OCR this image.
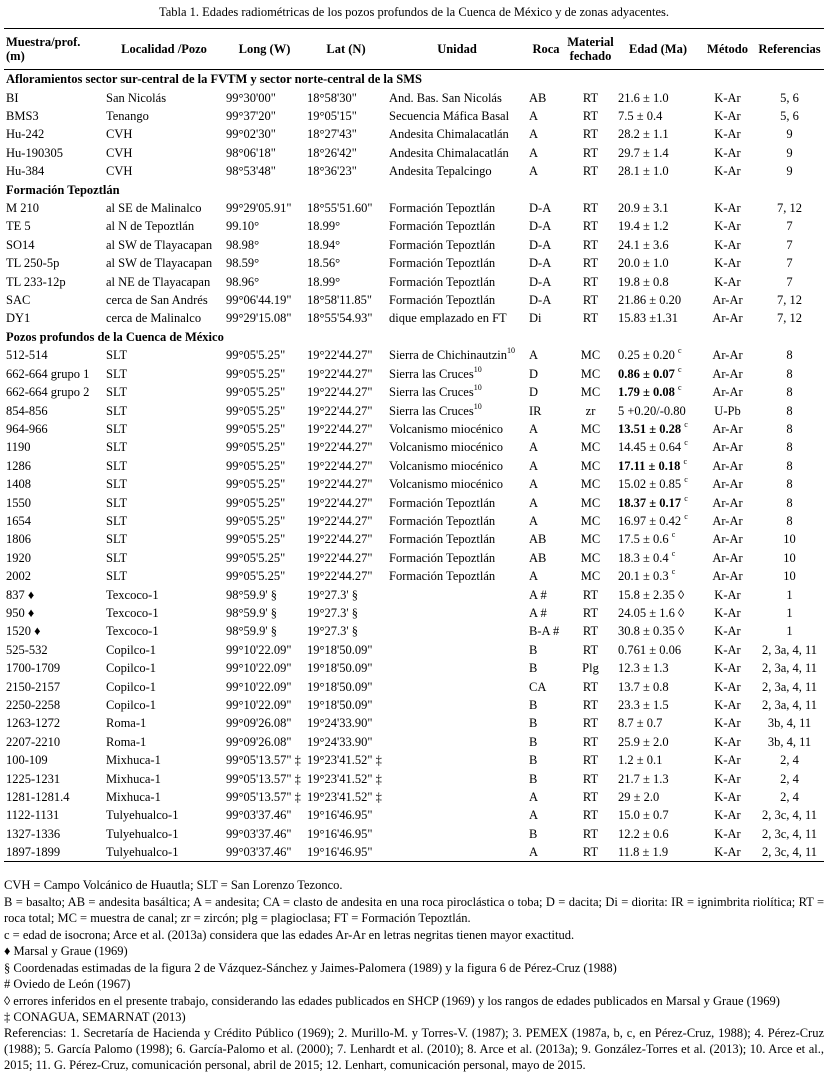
Tabla 1. Edades radiométricas de los pozos profundos de la Cuenca de México y de zonas adyacentes.
Muestra/prof. (m)	Localidad /Pozo	Long (W)	Lat (N)	Unidad	Roca	Material fechado	Edad (Ma)	Método	Referencias
Afloramientos sector sur-central de la FVTM y sector norte-central de la SMS									
BI	San Nicolás	99°30'00"	18°58'30"	And. Bas. San Nicolás	AB	RT	21.6 ± 1.0	K-Ar	5, 6
BMS3	Tenango	99°37'20"	19°05'15"	Secuencia Máfica Basal	A	RT	7.5 ± 0.4	K-Ar	5, 6
Hu-242	CVH	99°02'30"	18°27'43"	Andesita Chimalacatlán	A	RT	28.2 ± 1.1	K-Ar	9
Hu-190305	CVH	98°06'18"	18°26'42"	Andesita Chimalacatlán	A	RT	29.7 ± 1.4	K-Ar	9
Hu-384	CVH	98°53'48"	18°36'23"	Andesita Tepalcingo	A	RT	28.1 ± 1.0	K-Ar	9
Formación Tepoztlán									
M 210	al SE de Malinalco	99°29'05.91"	18°55'51.60"	Formación Tepoztlán	D-A	RT	20.9 ± 3.1	K-Ar	7, 12
TE 5	al N de Tepoztlán	99.10°	18.99°	Formación Tepoztlán	D-A	RT	19.4 ± 1.2	K-Ar	7
SO14	al SW de Tlayacapan	98.98°	18.94°	Formación Tepoztlán	D-A	RT	24.1 ± 3.6	K-Ar	7
TL 250-5p	al SW de Tlayacapan	98.59°	18.56°	Formación Tepoztlán	D-A	RT	20.0 ± 1.0	K-Ar	7
TL 233-12p	al NE de Tlayacapan	98.96°	18.99°	Formación Tepoztlán	D-A	RT	19.8 ± 0.8	K-Ar	7
SAC	cerca de San Andrés	99°06'44.19"	18°58'11.85"	Formación Tepoztlán	D-A	RT	21.86 ± 0.20	Ar-Ar	7, 12
DY1	cerca de Malinalco	99°29'15.08"	18°55'54.93"	dique emplazado en FT	Di	RT	15.83 ±1.31	Ar-Ar	7, 12
Pozos profundos de la Cuenca de México									
512-514	SLT	99°05'5.25"	19°22'44.27"	Sierra de Chichinautzin$^{10}$	A	MC	0.25 ± 0.20 $^c$	Ar-Ar	8
662-664 grupo 1	SLT	99°05'5.25"	19°22'44.27"	Sierra las Cruces$^{10}$	D	MC	0.86 ± 0.07 $^c$	Ar-Ar	8
662-664 grupo 2	SLT	99°05'5.25"	19°22'44.27"	Sierra las Cruces$^{10}$	D	MC	1.79 ± 0.08 $^c$	Ar-Ar	8
854-856	SLT	99°05'5.25"	19°22'44.27"	Sierra las Cruces$^{10}$	IR	zr	5 +0.20/-0.80	U-Pb	8
964-966	SLT	99°05'5.25"	19°22'44.27"	Volcanismo miocénico	A	MC	13.51 ± 0.28 $^c$	Ar-Ar	8
1190	SLT	99°05'5.25"	19°22'44.27"	Volcanismo miocénico	A	MC	14.45 ± 0.64 $^c$	Ar-Ar	8
1286	SLT	99°05'5.25"	19°22'44.27"	Volcanismo miocénico	A	MC	17.11 ± 0.18 $^c$	Ar-Ar	8
1408	SLT	99°05'5.25"	19°22'44.27"	Volcanismo miocénico	A	MC	15.02 ± 0.85 $^c$	Ar-Ar	8
1550	SLT	99°05'5.25"	19°22'44.27"	Formación Tepoztlán	A	MC	18.37 ± 0.17 $^c$	Ar-Ar	8
1654	SLT	99°05'5.25"	19°22'44.27"	Formación Tepoztlán	A	MC	16.97 ± 0.42 $^c$	Ar-Ar	8
1806	SLT	99°05'5.25"	19°22'44.27"	Formación Tepoztlán	AB	MC	17.5 ± 0.6 $^c$	Ar-Ar	10
1920	SLT	99°05'5.25"	19°22'44.27"	Formación Tepoztlán	AB	MC	18.3 ± 0.4 $^c$	Ar-Ar	10
2002	SLT	99°05'5.25"	19°22'44.27"	Formación Tepoztlán	A	MC	20.1 ± 0.3 $^c$	Ar-Ar	10
837 ♦	Texcoco-1	98°59.9' §	19°27.3' §		A #	RT	15.8 ± 2.35 ◊	K-Ar	1
950 ♦	Texcoco-1	98°59.9' §	19°27.3' §		A #	RT	24.05 ± 1.6 ◊	K-Ar	1
1520 ♦	Texcoco-1	98°59.9' §	19°27.3' §		B-A #	RT	30.8 ± 0.35 ◊	K-Ar	1
525-532	Copilco-1	99°10'22.09"	19°18'50.09"		B	RT	0.761 ± 0.06	K-Ar	2, 3a, 4, 11
1700-1709	Copilco-1	99°10'22.09"	19°18'50.09"		B	Plg	12.3 ± 1.3	K-Ar	2, 3a, 4, 11
2150-2157	Copilco-1	99°10'22.09"	19°18'50.09"		CA	RT	13.7 ± 0.8	K-Ar	2, 3a, 4, 11
2250-2258	Copilco-1	99°10'22.09"	19°18'50.09"		B	RT	23.3 ± 1.5	K-Ar	2, 3a, 4, 11
1263-1272	Roma-1	99°09'26.08"	19°24'33.90"		B	RT	8.7 ± 0.7	K-Ar	3b, 4, 11
2207-2210	Roma-1	99°09'26.08"	19°24'33.90"		B	RT	25.9 ± 2.0	K-Ar	3b, 4, 11
100-109	Mixhuca-1	99°05'13.57" ‡	19°23'41.52" ‡		B	RT	1.2 ± 0.1	K-Ar	2, 4
1225-1231	Mixhuca-1	99°05'13.57" ‡	19°23'41.52" ‡		B	RT	21.7 ± 1.3	K-Ar	2, 4
1281-1281.4	Mixhuca-1	99°05'13.57" ‡	19°23'41.52" ‡		A	RT	29 ± 2.0	K-Ar	2, 4
1122-1131	Tulyehualco-1	99°03'37.46"	19°16'46.95"		A	RT	15.0 ± 0.7	K-Ar	2, 3c, 4, 11
1327-1336	Tulyehualco-1	99°03'37.46"	19°16'46.95"		B	RT	12.2 ± 0.6	K-Ar	2, 3c, 4, 11
1897-1899	Tulyehualco-1	99°03'37.46"	19°16'46.95"		A	RT	11.8 ± 1.9	K-Ar	2, 3c, 4, 11
CVH = Campo Volcánico de Huautla; SLT = San Lorenzo Tezonco.
B = basalto; AB = andesita basáltica; A = andesita; CA = clasto de andesita en una roca piroclástica o toba; D = dacita; Di = diorita: IR = ignimbrita riolítica; RT = roca total; MC = muestra de canal; zr = zircón; plg = plagioclasa; FT = Formación Tepoztlán.
c = edad de isocrona; Arce et al. (2013a) considera que las edades Ar-Ar en letras negritas tienen mayor exactitud.
♦ Marsal y Graue (1969)
§ Coordenadas estimadas de la figura 2 de Vázquez-Sánchez y Jaimes-Palomera (1989) y la figura 6 de Pérez-Cruz (1988)
# Oviedo de León (1967)
◊ errores inferidos en el presente trabajo, considerando las edades publicados en SHCP (1969) y los rangos de edades publicados en Marsal y Graue (1969)
‡ CONAGUA, SEMARNAT (2013)
Referencias: 1. Secretaría de Hacienda y Crédito Público (1969); 2. Murillo-M. y Torres-V. (1987); 3. PEMEX (1987a, b, c, en Pérez-Cruz, 1988); 4. Pérez-Cruz (1988); 5. García Palomo (1998); 6. García-Palomo et al. (2000); 7. Lenhardt et al. (2010); 8. Arce et al. (2013a); 9. González-Torres et al. (2013); 10. Arce et al., 2015; 11. G. Pérez-Cruz, comunicación personal, abril de 2015; 12. Lenhart, comunicación personal, mayo de 2015.
